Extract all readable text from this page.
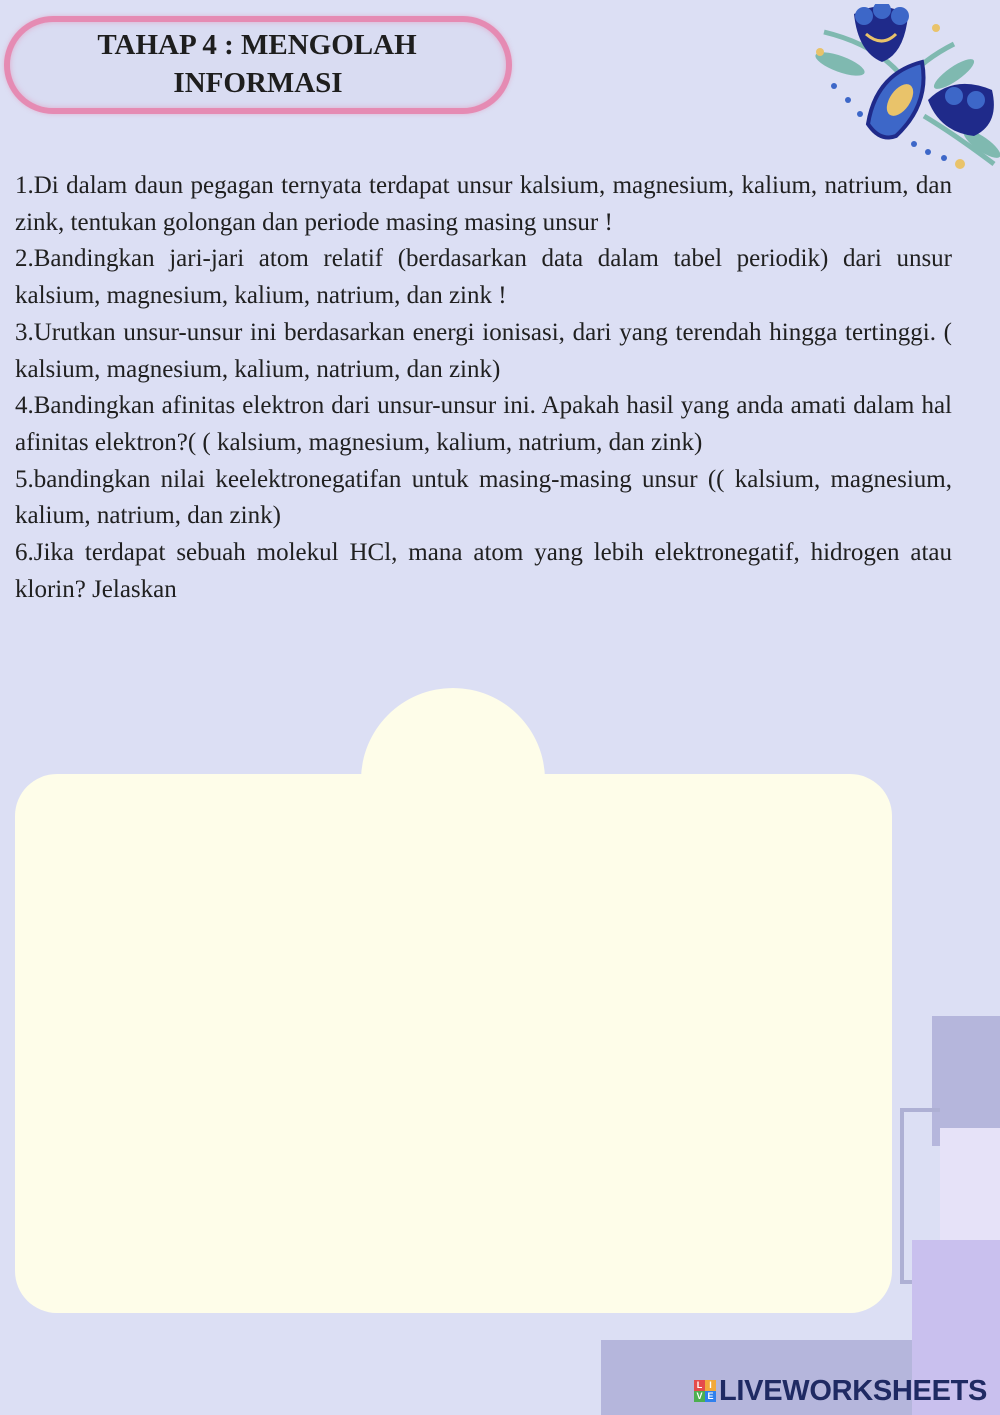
TAHAP 4 : MENGOLAH
INFORMASI

1.Di dalam daun pegagan ternyata terdapat unsur kalsium, magnesium, kalium, natrium, dan zink, tentukan golongan dan periode masing masing unsur !

2.Bandingkan jari-jari atom relatif (berdasarkan data dalam tabel periodik) dari unsur kalsium, magnesium, kalium, natrium, dan zink !

3.Urutkan unsur-unsur ini berdasarkan energi ionisasi, dari yang terendah hingga tertinggi. ( kalsium, magnesium, kalium, natrium, dan zink)

4.Bandingkan afinitas elektron dari unsur-unsur ini. Apakah hasil yang anda amati dalam hal afinitas elektron?( ( kalsium, magnesium, kalium, natrium, dan zink)

5.bandingkan nilai keelektronegatifan untuk masing-masing unsur (( kalsium, magnesium, kalium, natrium, dan zink)

6.Jika terdapat sebuah molekul HCl, mana atom yang lebih elektronegatif, hidrogen atau klorin? Jelaskan

L I
V E LIVEWORKSHEETS
